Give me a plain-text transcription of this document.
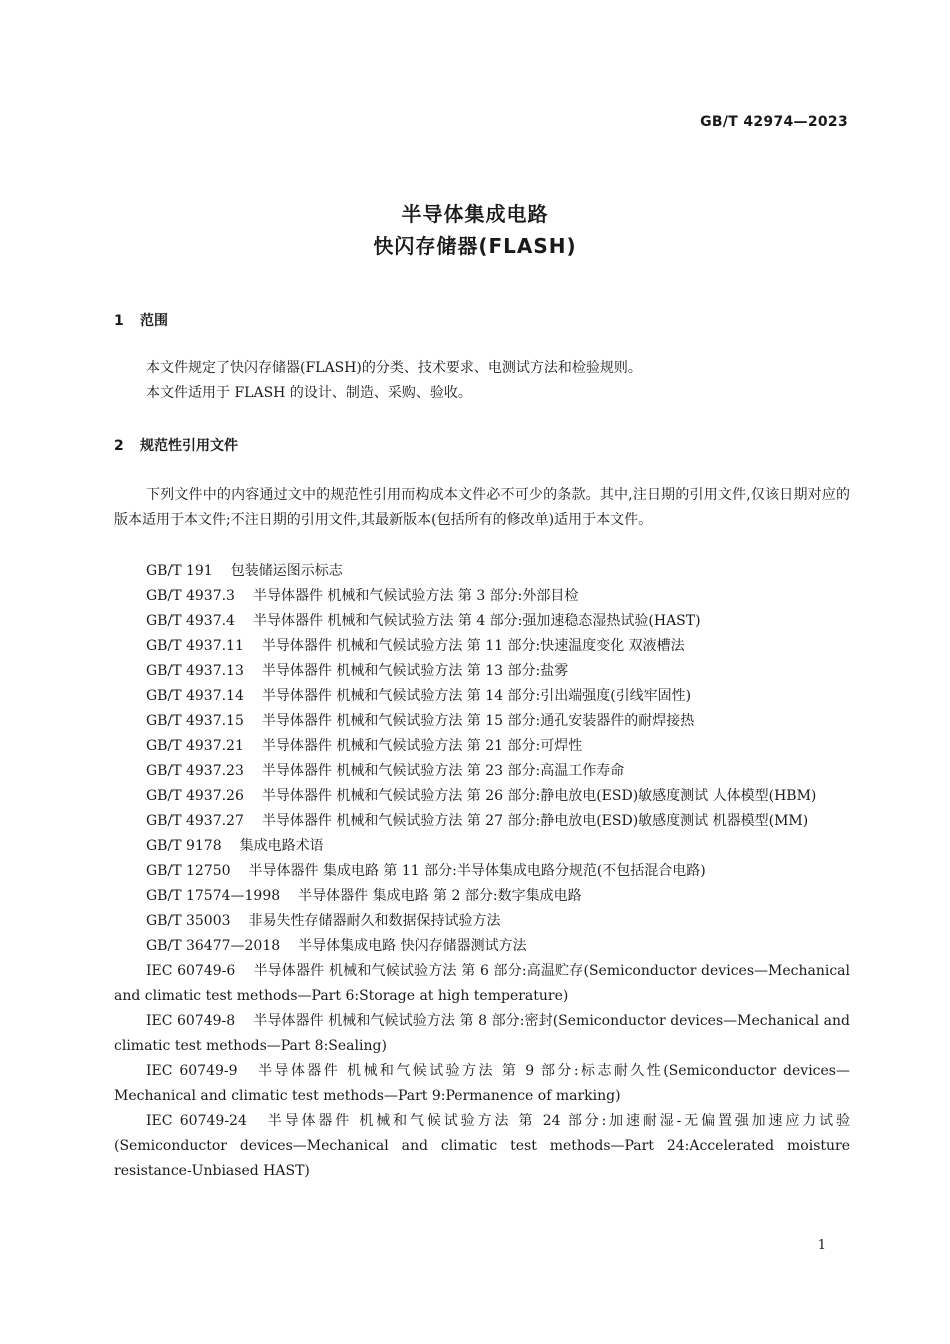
GB/T 42974—2023
半导体集成电路
快闪存储器(FLASH)
1 范围
本文件规定了快闪存储器(FLASH)的分类、技术要求、电测试方法和检验规则。
本文件适用于 FLASH 的设计、制造、采购、验收。
2 规范性引用文件
下列文件中的内容通过文中的规范性引用而构成本文件必不可少的条款。其中,注日期的引用文件,仅该日期对应的版本适用于本文件;不注日期的引用文件,其最新版本(包括所有的修改单)适用于本文件。
GB/T 191 包装储运图示标志
GB/T 4937.3 半导体器件 机械和气候试验方法 第 3 部分:外部目检
GB/T 4937.4 半导体器件 机械和气候试验方法 第 4 部分:强加速稳态湿热试验(HAST)
GB/T 4937.11 半导体器件 机械和气候试验方法 第 11 部分:快速温度变化 双液槽法
GB/T 4937.13 半导体器件 机械和气候试验方法 第 13 部分:盐雾
GB/T 4937.14 半导体器件 机械和气候试验方法 第 14 部分:引出端强度(引线牢固性)
GB/T 4937.15 半导体器件 机械和气候试验方法 第 15 部分:通孔安装器件的耐焊接热
GB/T 4937.21 半导体器件 机械和气候试验方法 第 21 部分:可焊性
GB/T 4937.23 半导体器件 机械和气候试验方法 第 23 部分:高温工作寿命
GB/T 4937.26 半导体器件 机械和气候试验方法 第 26 部分:静电放电(ESD)敏感度测试 人体模型(HBM)
GB/T 4937.27 半导体器件 机械和气候试验方法 第 27 部分:静电放电(ESD)敏感度测试 机器模型(MM)
GB/T 9178 集成电路术语
GB/T 12750 半导体器件 集成电路 第 11 部分:半导体集成电路分规范(不包括混合电路)
GB/T 17574—1998 半导体器件 集成电路 第 2 部分:数字集成电路
GB/T 35003 非易失性存储器耐久和数据保持试验方法
GB/T 36477—2018 半导体集成电路 快闪存储器测试方法
IEC 60749-6 半导体器件 机械和气候试验方法 第 6 部分:高温贮存(Semiconductor devices—Mechanical and climatic test methods—Part 6:Storage at high temperature)
IEC 60749-8 半导体器件 机械和气候试验方法 第 8 部分:密封(Semiconductor devices—Mechanical and climatic test methods—Part 8:Sealing)
IEC 60749-9 半导体器件 机械和气候试验方法 第 9 部分:标志耐久性(Semiconductor devices—Mechanical and climatic test methods—Part 9:Permanence of marking)
IEC 60749-24 半导体器件 机械和气候试验方法 第 24 部分:加速耐湿-无偏置强加速应力试验(Semiconductor devices—Mechanical and climatic test methods—Part 24:Accelerated moisture resistance-Unbiased HAST)
1
